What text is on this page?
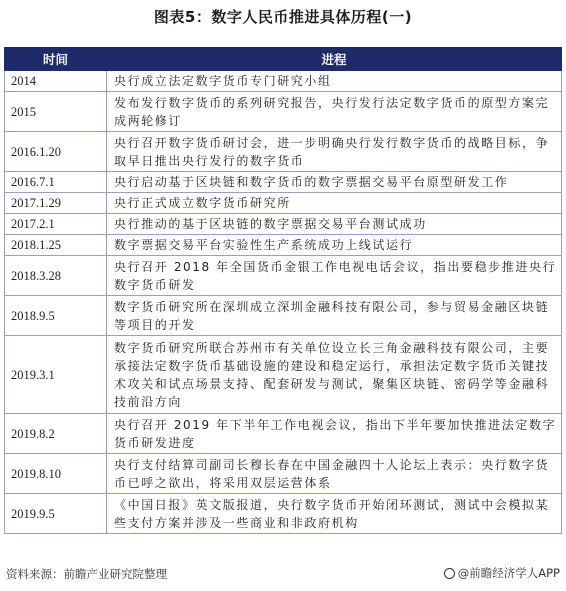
图表5：数字人民币推进具体历程(一)
时间	进程
2014	央行成立法定数字货币专门研究小组
2015	发布发行数字货币的系列研究报告，央行发行法定数字货币的原型方案完成两轮修订
2016.1.20	央行召开数字货币研讨会，进一步明确央行发行数字货币的战略目标，争取早日推出央行发行的数字货币
2016.7.1	央行启动基于区块链和数字货币的数字票据交易平台原型研发工作
2017.1.29	央行正式成立数字货币研究所
2017.2.1	央行推动的基于区块链的数字票据交易平台测试成功
2018.1.25	数字票据交易平台实验性生产系统成功上线试运行
2018.3.28	央行召开 2018 年全国货币金银工作电视电话会议，指出要稳步推进央行数字货币研发
2018.9.5	数字货币研究所在深圳成立深圳金融科技有限公司，参与贸易金融区块链等项目的开发
2019.3.1	数字货币研究所联合苏州市有关单位设立长三角金融科技有限公司，主要承接法定数字货币基础设施的建设和稳定运行，承担法定数字货币关键技术攻关和试点场景支持、配套研发与测试，聚集区块链、密码学等金融科技前沿方向
2019.8.2	央行召开 2019 年下半年工作电视会议，指出下半年要加快推进法定数字货币研发进度
2019.8.10	央行支付结算司副司长穆长春在中国金融四十人论坛上表示：央行数字货币已呼之欲出，将采用双层运营体系
2019.9.5	《中国日报》英文版报道，央行数字货币开始闭环测试，测试中会模拟某些支付方案并涉及一些商业和非政府机构
资料来源：前瞻产业研究院整理	@前瞻经济学人APP
